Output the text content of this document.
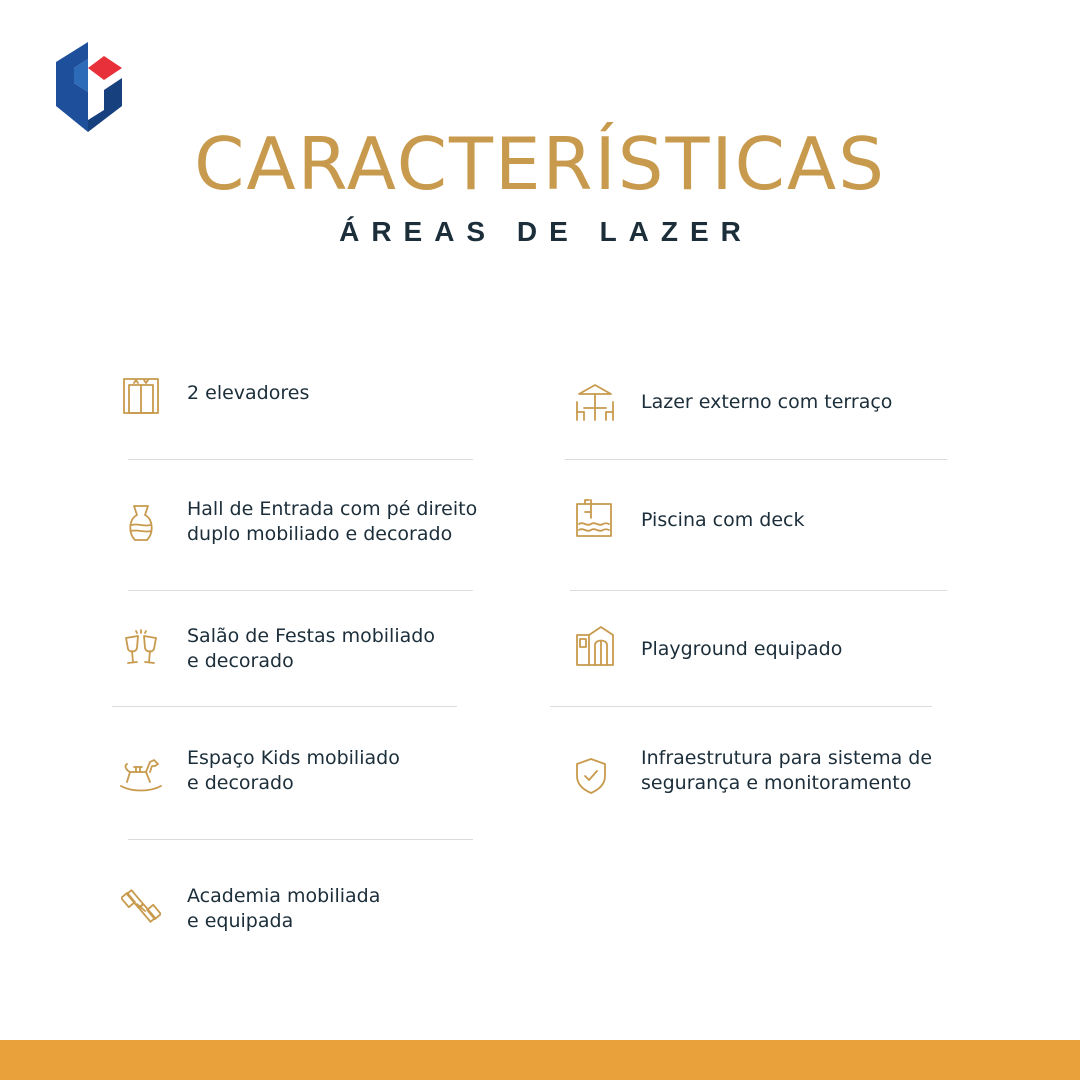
CARACTERÍSTICAS
ÁREAS DE LAZER
2 elevadores
Hall de Entrada com pé direito
duplo mobiliado e decorado
Salão de Festas mobiliado
e decorado
Espaço Kids mobiliado
e decorado
Academia mobiliada
e equipada
Lazer externo com terraço
Piscina com deck
Playground equipado
Infraestrutura para sistema de
segurança e monitoramento
